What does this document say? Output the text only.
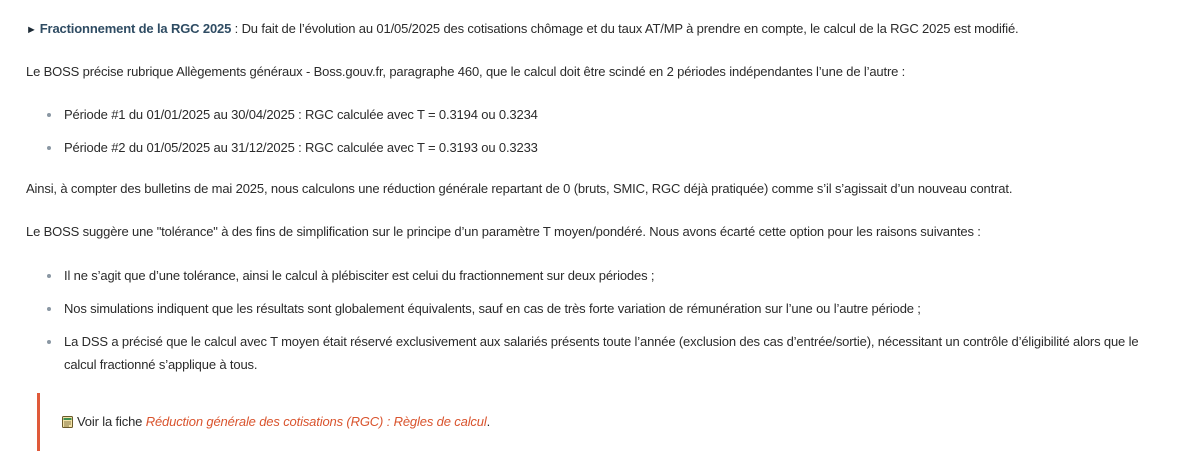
► Fractionnement de la RGC 2025 : Du fait de l’évolution au 01/05/2025 des cotisations chômage et du taux AT/MP à prendre en compte, le calcul de la RGC 2025 est modifié.

Le BOSS précise rubrique Allègements généraux - Boss.gouv.fr, paragraphe 460, que le calcul doit être scindé en 2 périodes indépendantes l’une de l’autre :

Période #1 du 01/01/2025 au 30/04/2025 : RGC calculée avec T = 0.3194 ou 0.3234
Période #2 du 01/05/2025 au 31/12/2025 : RGC calculée avec T = 0.3193 ou 0.3233

Ainsi, à compter des bulletins de mai 2025, nous calculons une réduction générale repartant de 0 (bruts, SMIC, RGC déjà pratiquée) comme s’il s’agissait d’un nouveau contrat.

Le BOSS suggère une "tolérance" à des fins de simplification sur le principe d’un paramètre T moyen/pondéré. Nous avons écarté cette option pour les raisons suivantes :

Il ne s’agit que d’une tolérance, ainsi le calcul à plébisciter est celui du fractionnement sur deux périodes ;
Nos simulations indiquent que les résultats sont globalement équivalents, sauf en cas de très forte variation de rémunération sur l’une ou l’autre période ;
La DSS a précisé que le calcul avec T moyen était réservé exclusivement aux salariés présents toute l’année (exclusion des cas d’entrée/sortie), nécessitant un contrôle d’éligibilité alors que le calcul fractionné s’applique à tous.
Voir la fiche Réduction générale des cotisations (RGC) : Règles de calcul.
